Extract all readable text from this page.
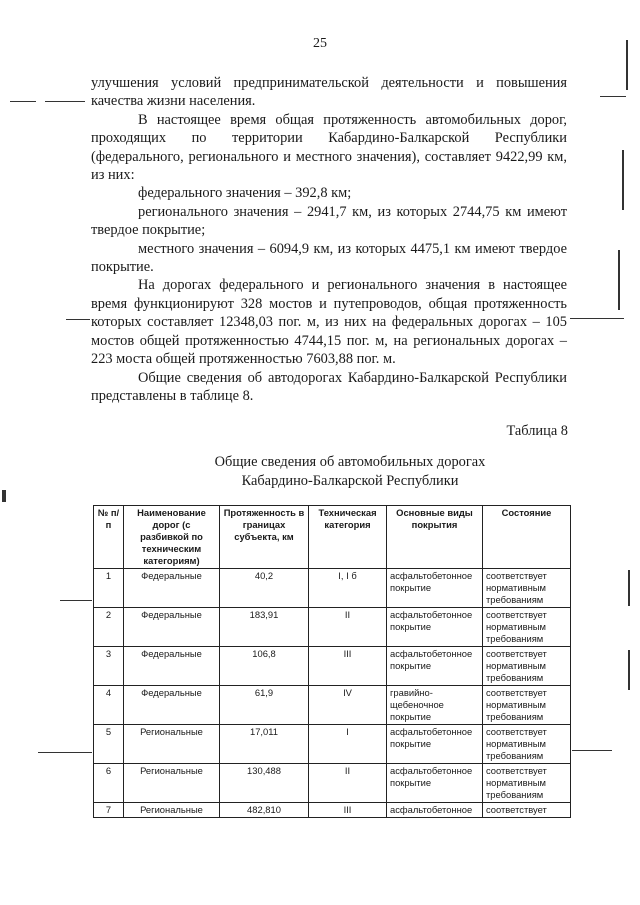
25

улучшения условий предпринимательской деятельности и повышения качества жизни населения.

В настоящее время общая протяженность автомобильных дорог, проходящих по территории Кабардино-Балкарской Республики (федерального, регионального и местного значения), составляет 9422,99 км, из них:

федерального значения – 392,8 км;

регионального значения – 2941,7 км, из которых 2744,75 км имеют твердое покрытие;

местного значения – 6094,9 км, из которых 4475,1 км имеют твердое покрытие.

На дорогах федерального и регионального значения в настоящее время функционируют 328 мостов и путепроводов, общая протяженность которых составляет 12348,03 пог. м, из них на федеральных дорогах – 105 мостов общей протяженностью 4744,15 пог. м, на региональных дорогах – 223 моста общей протяженностью 7603,88 пог. м.

Общие сведения об автодорогах Кабардино-Балкарской Республики представлены в таблице 8.

Таблица 8
Общие сведения об автомобильных дорогах
Кабардино-Балкарской Республики
№ п/п	Наименование дорог (с разбивкой по техническим категориям)	Протяженность в границах субъекта, км	Техническая категория	Основные виды покрытия	Состояние
1	Федеральные	40,2	I, I б	асфальтобетонное покрытие	соответствует нормативным требованиям
2	Федеральные	183,91	II	асфальтобетонное покрытие	соответствует нормативным требованиям
3	Федеральные	106,8	III	асфальтобетонное покрытие	соответствует нормативным требованиям
4	Федеральные	61,9	IV	гравийно-щебеночное покрытие	соответствует нормативным требованиям
5	Региональные	17,011	I	асфальтобетонное покрытие	соответствует нормативным требованиям
6	Региональные	130,488	II	асфальтобетонное покрытие	соответствует нормативным требованиям
7	Региональные	482,810	III	асфальтобетонное	соответствует
